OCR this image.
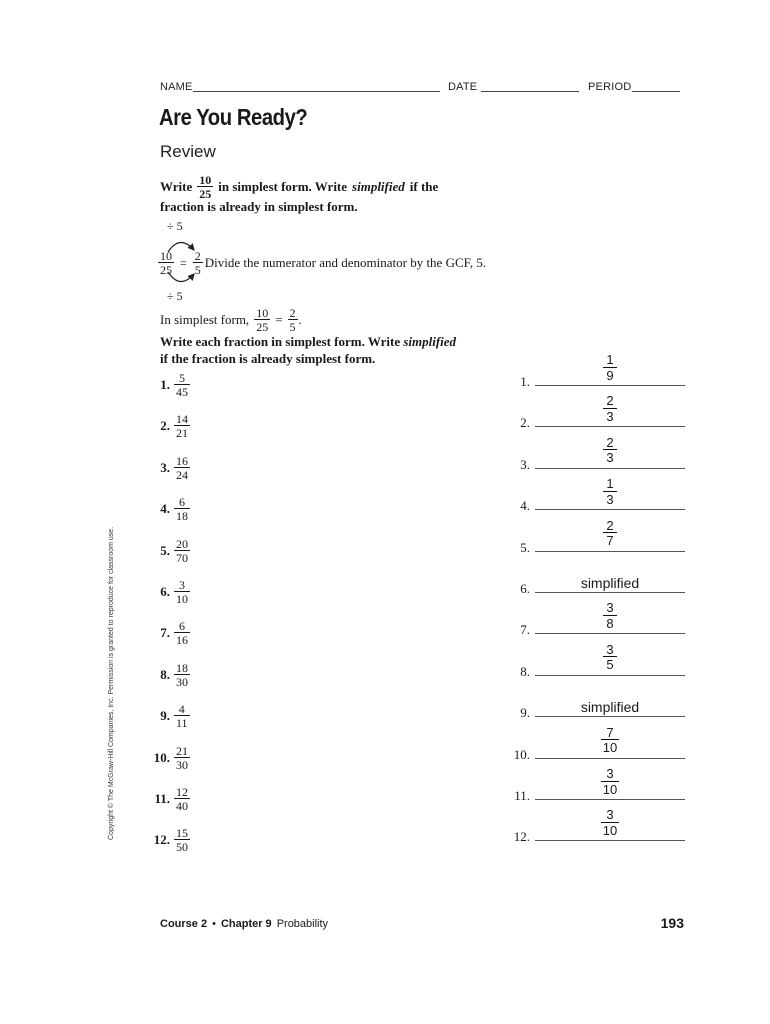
NAME	DATE	PERIOD
Are You Ready?
Review
Write $\frac{10}{25}$ in simplest form. Write simplified if the
fraction is already in simplest form.
÷ 5
$\frac{10}{25} = \frac{2}{5}$ Divide the numerator and denominator by the GCF, 5.
÷ 5
In simplest form, $\frac{10}{25} = \frac{2}{5}$ .
Write each fraction in simplest form. Write simplified
if the fraction is already simplest form.
1. $\frac{5}{45}$
2. $\frac{14}{21}$
3. $\frac{16}{24}$
4. $\frac{6}{18}$
5. $\frac{20}{70}$
6. $\frac{3}{10}$
7. $\frac{6}{16}$
8. $\frac{18}{30}$
9. $\frac{4}{11}$
10. $\frac{21}{30}$
11. $\frac{12}{40}$
12. $\frac{15}{50}$
1.	$\frac{1}{9}$
2.	$\frac{2}{3}$
3.	$\frac{2}{3}$
4.	$\frac{1}{3}$
5.	$\frac{2}{7}$
6.	simplified
7.	$\frac{3}{8}$
8.	$\frac{3}{5}$
9.	simplified
10.	$\frac{7}{10}$
11.	$\frac{3}{10}$
12.	$\frac{3}{10}$
Copyright © The McGraw-Hill Companies, Inc. Permission is granted to reproduce for classroom use.
Course 2 • Chapter 9 Probability	193
